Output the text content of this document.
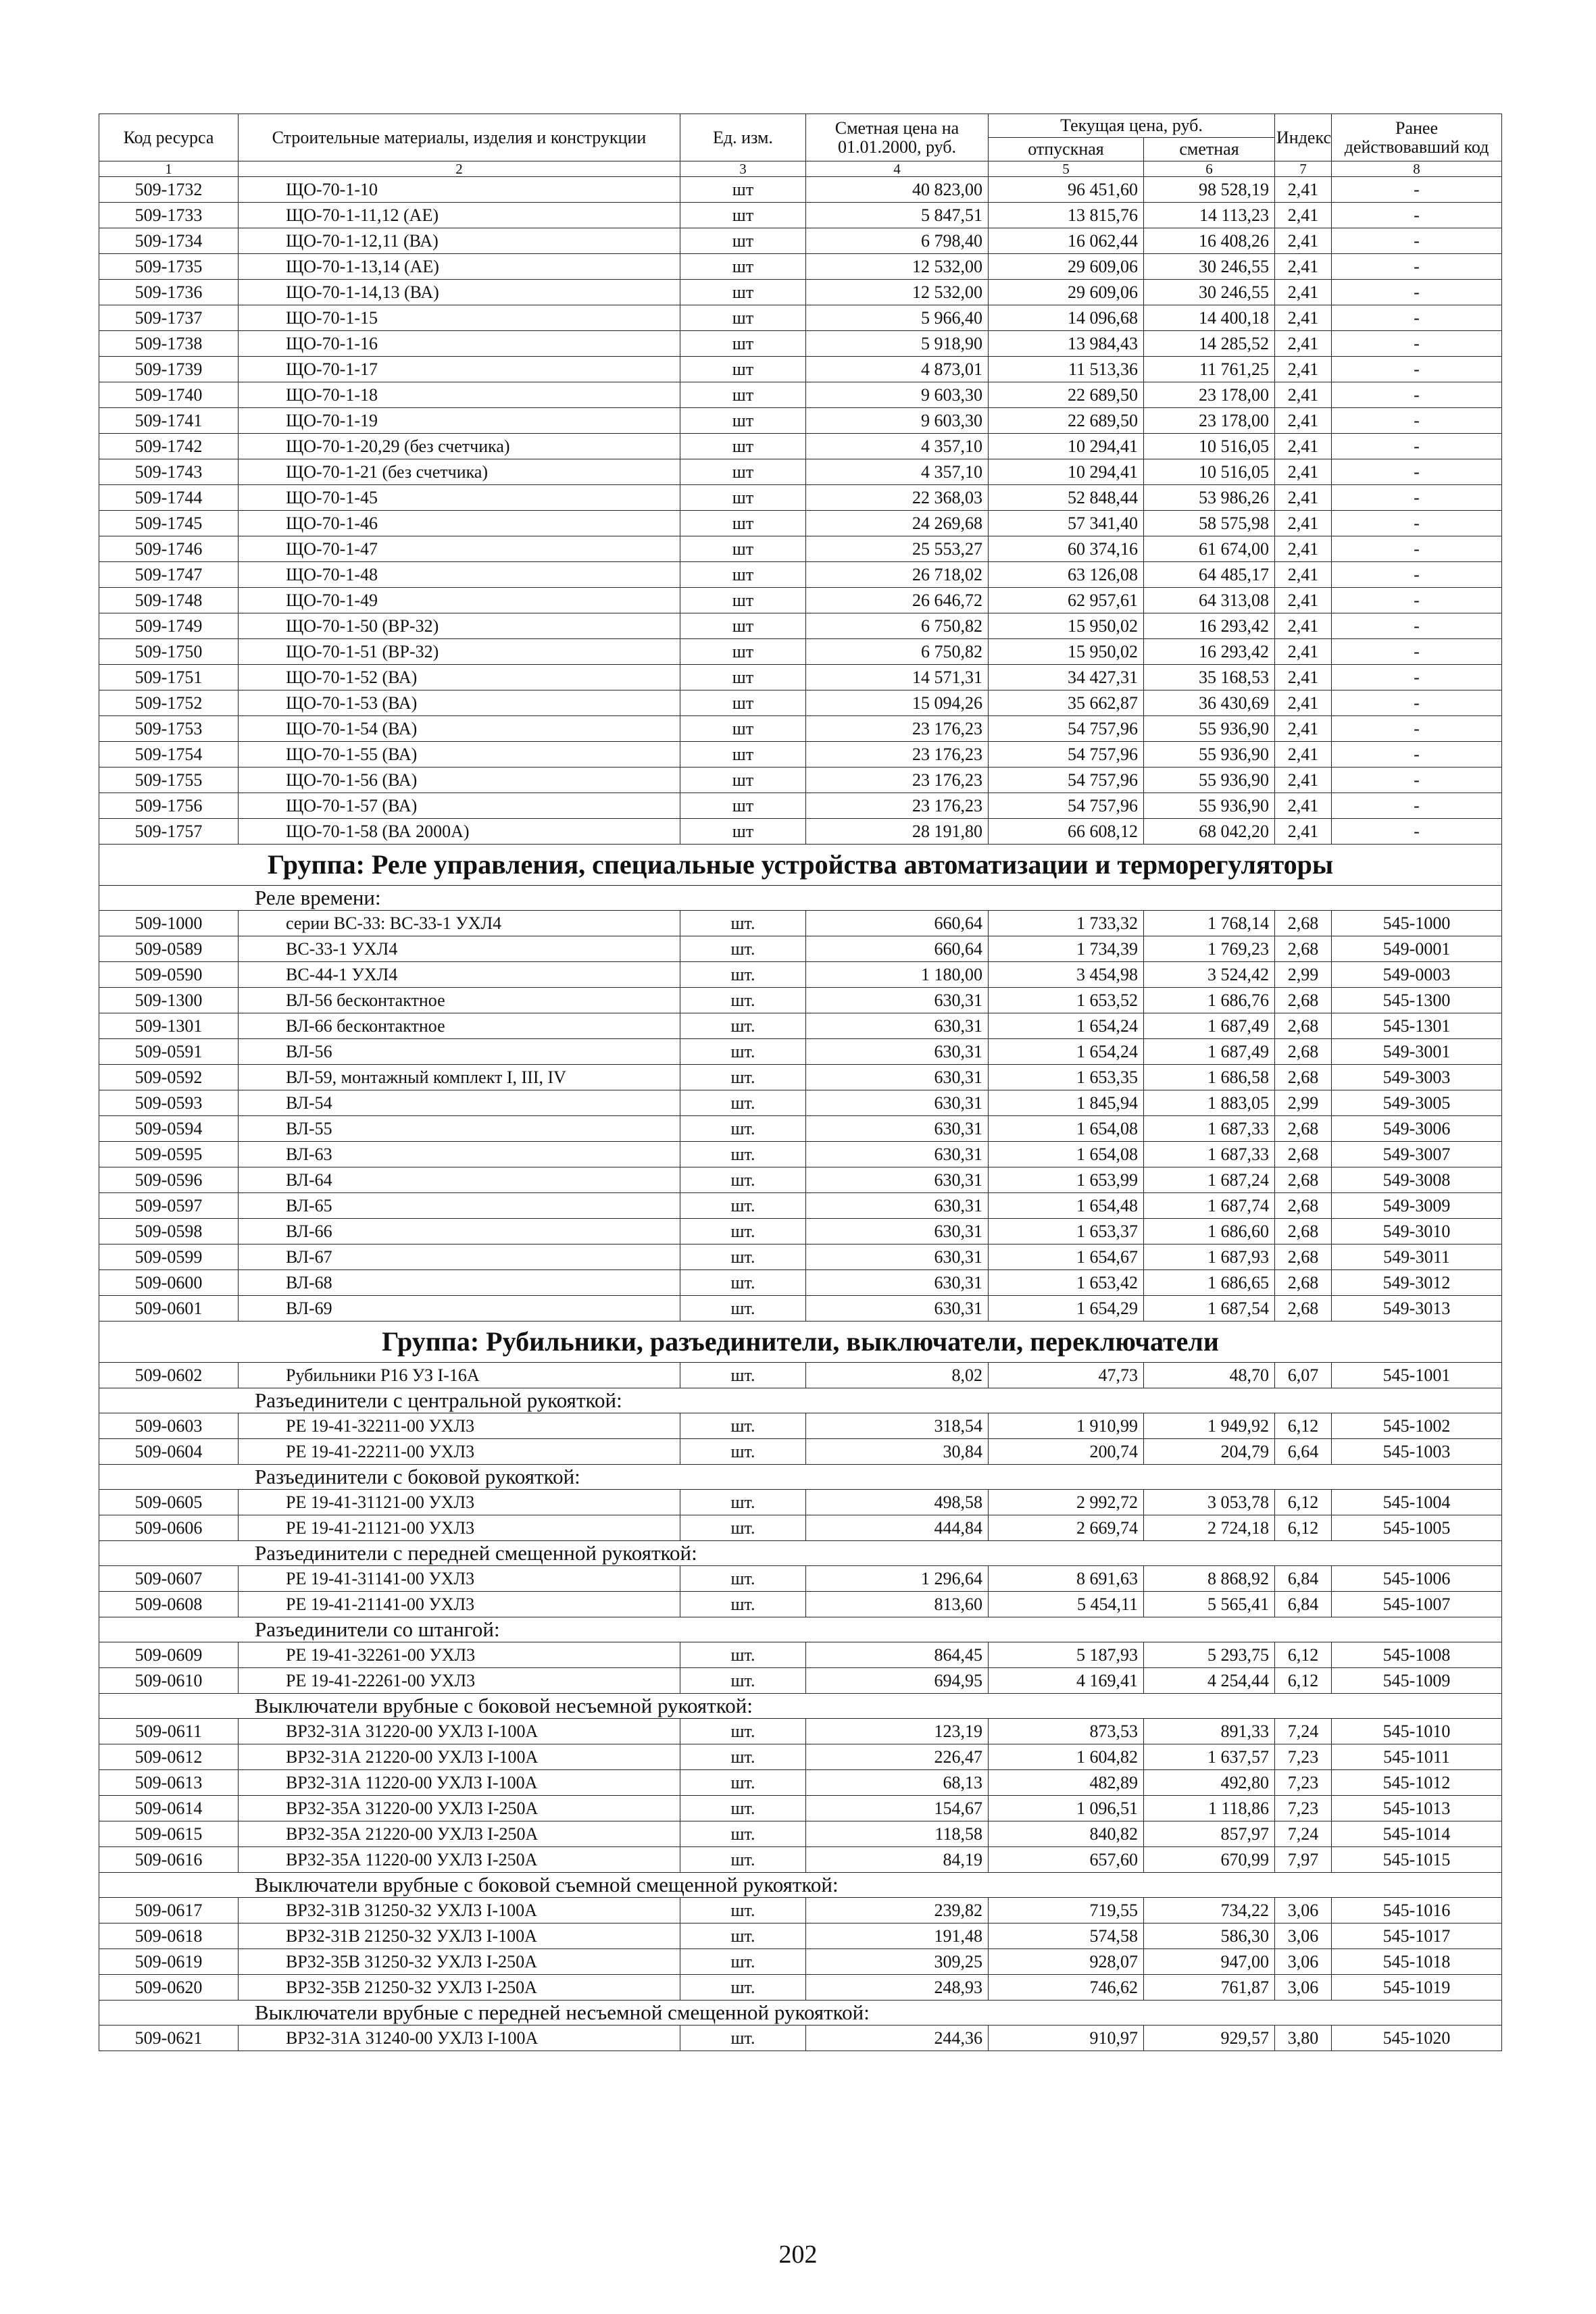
Код ресурса	Строительные материалы, изделия и конструкции	Ед. изм.	Сметная цена на 01.01.2000, руб.	Текущая цена, руб.		Индекс	Ранее действовавший код
				отпускная	сметная		
1	2	3	4	5	6	7	8
509-1732	ЩО-70-1-10	шт	40 823,00	96 451,60	98 528,19	2,41	-
509-1733	ЩО-70-1-11,12 (АЕ)	шт	5 847,51	13 815,76	14 113,23	2,41	-
509-1734	ЩО-70-1-12,11 (ВА)	шт	6 798,40	16 062,44	16 408,26	2,41	-
509-1735	ЩО-70-1-13,14 (АЕ)	шт	12 532,00	29 609,06	30 246,55	2,41	-
509-1736	ЩО-70-1-14,13 (ВА)	шт	12 532,00	29 609,06	30 246,55	2,41	-
509-1737	ЩО-70-1-15	шт	5 966,40	14 096,68	14 400,18	2,41	-
509-1738	ЩО-70-1-16	шт	5 918,90	13 984,43	14 285,52	2,41	-
509-1739	ЩО-70-1-17	шт	4 873,01	11 513,36	11 761,25	2,41	-
509-1740	ЩО-70-1-18	шт	9 603,30	22 689,50	23 178,00	2,41	-
509-1741	ЩО-70-1-19	шт	9 603,30	22 689,50	23 178,00	2,41	-
509-1742	ЩО-70-1-20,29 (без счетчика)	шт	4 357,10	10 294,41	10 516,05	2,41	-
509-1743	ЩО-70-1-21 (без счетчика)	шт	4 357,10	10 294,41	10 516,05	2,41	-
509-1744	ЩО-70-1-45	шт	22 368,03	52 848,44	53 986,26	2,41	-
509-1745	ЩО-70-1-46	шт	24 269,68	57 341,40	58 575,98	2,41	-
509-1746	ЩО-70-1-47	шт	25 553,27	60 374,16	61 674,00	2,41	-
509-1747	ЩО-70-1-48	шт	26 718,02	63 126,08	64 485,17	2,41	-
509-1748	ЩО-70-1-49	шт	26 646,72	62 957,61	64 313,08	2,41	-
509-1749	ЩО-70-1-50 (ВР-32)	шт	6 750,82	15 950,02	16 293,42	2,41	-
509-1750	ЩО-70-1-51 (ВР-32)	шт	6 750,82	15 950,02	16 293,42	2,41	-
509-1751	ЩО-70-1-52 (ВА)	шт	14 571,31	34 427,31	35 168,53	2,41	-
509-1752	ЩО-70-1-53 (ВА)	шт	15 094,26	35 662,87	36 430,69	2,41	-
509-1753	ЩО-70-1-54 (ВА)	шт	23 176,23	54 757,96	55 936,90	2,41	-
509-1754	ЩО-70-1-55 (ВА)	шт	23 176,23	54 757,96	55 936,90	2,41	-
509-1755	ЩО-70-1-56 (ВА)	шт	23 176,23	54 757,96	55 936,90	2,41	-
509-1756	ЩО-70-1-57 (ВА)	шт	23 176,23	54 757,96	55 936,90	2,41	-
509-1757	ЩО-70-1-58 (ВА 2000А)	шт	28 191,80	66 608,12	68 042,20	2,41	-
Группа: Реле управления, специальные устройства автоматизации и терморегуляторы							
Реле времени:							
509-1000	серии ВС-33: ВС-33-1 УХЛ4	шт.	660,64	1 733,32	1 768,14	2,68	545-1000
509-0589	ВС-33-1 УХЛ4	шт.	660,64	1 734,39	1 769,23	2,68	549-0001
509-0590	ВС-44-1 УХЛ4	шт.	1 180,00	3 454,98	3 524,42	2,99	549-0003
509-1300	ВЛ-56 бесконтактное	шт.	630,31	1 653,52	1 686,76	2,68	545-1300
509-1301	ВЛ-66 бесконтактное	шт.	630,31	1 654,24	1 687,49	2,68	545-1301
509-0591	ВЛ-56	шт.	630,31	1 654,24	1 687,49	2,68	549-3001
509-0592	ВЛ-59, монтажный комплект I, III, IV	шт.	630,31	1 653,35	1 686,58	2,68	549-3003
509-0593	ВЛ-54	шт.	630,31	1 845,94	1 883,05	2,99	549-3005
509-0594	ВЛ-55	шт.	630,31	1 654,08	1 687,33	2,68	549-3006
509-0595	ВЛ-63	шт.	630,31	1 654,08	1 687,33	2,68	549-3007
509-0596	ВЛ-64	шт.	630,31	1 653,99	1 687,24	2,68	549-3008
509-0597	ВЛ-65	шт.	630,31	1 654,48	1 687,74	2,68	549-3009
509-0598	ВЛ-66	шт.	630,31	1 653,37	1 686,60	2,68	549-3010
509-0599	ВЛ-67	шт.	630,31	1 654,67	1 687,93	2,68	549-3011
509-0600	ВЛ-68	шт.	630,31	1 653,42	1 686,65	2,68	549-3012
509-0601	ВЛ-69	шт.	630,31	1 654,29	1 687,54	2,68	549-3013
Группа: Рубильники, разъединители, выключатели, переключатели							
509-0602	Рубильники Р16 УЗ I-16А	шт.	8,02	47,73	48,70	6,07	545-1001
Разъединители с центральной рукояткой:							
509-0603	РЕ 19-41-32211-00 УХЛ3	шт.	318,54	1 910,99	1 949,92	6,12	545-1002
509-0604	РЕ 19-41-22211-00 УХЛ3	шт.	30,84	200,74	204,79	6,64	545-1003
Разъединители с боковой рукояткой:							
509-0605	РЕ 19-41-31121-00 УХЛ3	шт.	498,58	2 992,72	3 053,78	6,12	545-1004
509-0606	РЕ 19-41-21121-00 УХЛ3	шт.	444,84	2 669,74	2 724,18	6,12	545-1005
Разъединители с передней смещенной рукояткой:							
509-0607	РЕ 19-41-31141-00 УХЛ3	шт.	1 296,64	8 691,63	8 868,92	6,84	545-1006
509-0608	РЕ 19-41-21141-00 УХЛ3	шт.	813,60	5 454,11	5 565,41	6,84	545-1007
Разъединители со штангой:							
509-0609	РЕ 19-41-32261-00 УХЛ3	шт.	864,45	5 187,93	5 293,75	6,12	545-1008
509-0610	РЕ 19-41-22261-00 УХЛ3	шт.	694,95	4 169,41	4 254,44	6,12	545-1009
Выключатели врубные с боковой несъемной рукояткой:							
509-0611	ВР32-31А 31220-00 УХЛ3 I-100А	шт.	123,19	873,53	891,33	7,24	545-1010
509-0612	ВР32-31А 21220-00 УХЛ3 I-100А	шт.	226,47	1 604,82	1 637,57	7,23	545-1011
509-0613	ВР32-31А 11220-00 УХЛ3 I-100А	шт.	68,13	482,89	492,80	7,23	545-1012
509-0614	ВР32-35А 31220-00 УХЛ3 I-250А	шт.	154,67	1 096,51	1 118,86	7,23	545-1013
509-0615	ВР32-35А 21220-00 УХЛ3 I-250А	шт.	118,58	840,82	857,97	7,24	545-1014
509-0616	ВР32-35А 11220-00 УХЛ3 I-250А	шт.	84,19	657,60	670,99	7,97	545-1015
Выключатели врубные с боковой съемной смещенной рукояткой:							
509-0617	ВР32-31В 31250-32 УХЛ3 I-100А	шт.	239,82	719,55	734,22	3,06	545-1016
509-0618	ВР32-31В 21250-32 УХЛ3 I-100А	шт.	191,48	574,58	586,30	3,06	545-1017
509-0619	ВР32-35В 31250-32 УХЛ3 I-250А	шт.	309,25	928,07	947,00	3,06	545-1018
509-0620	ВР32-35В 21250-32 УХЛ3 I-250А	шт.	248,93	746,62	761,87	3,06	545-1019
Выключатели врубные с передней несъемной смещенной рукояткой:							
509-0621	ВР32-31А 31240-00 УХЛ3 I-100А	шт.	244,36	910,97	929,57	3,80	545-1020
202
